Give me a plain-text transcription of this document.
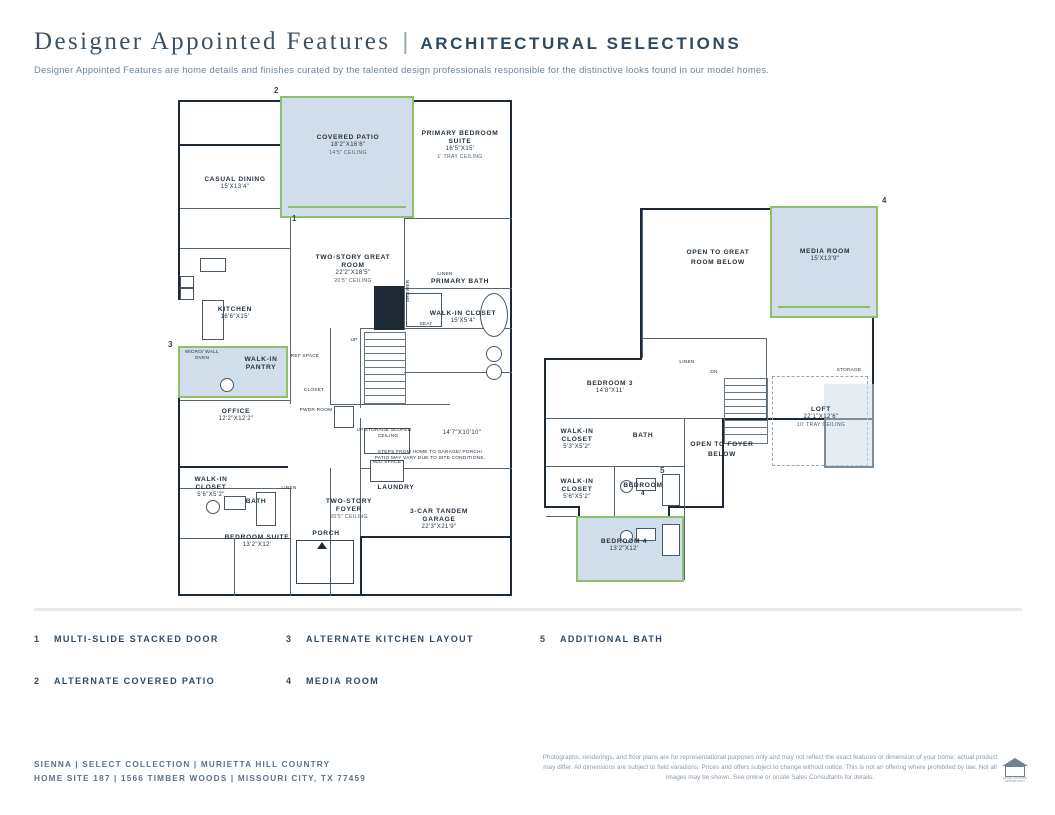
Designer Appointed Features | ARCHITECTURAL SELECTIONS
Designer Appointed Features are home details and finishes curated by the talented design professionals responsible for the distinctive looks found in our model homes.
COVERED PATIO
18'2"X16'6"
14'5" CEILING
PRIMARY BEDROOM SUITE
16'5"X15'
1' TRAY CEILING
CASUAL DINING
15'X13'4"
TWO-STORY GREAT ROOM
22'2"X18'5"
20'5" CEILING	PRIMARY BATH
KITCHEN
16'6"X15'
WALK-IN CLOSET
15'X5'4"
WALK-IN PANTRY
MICRO/ WALL OVEN	REF SPACE
CLOSET
STORAGE SLOPED CEILING
OFFICE
12'2"X12'2"
PWDR ROOM
W/D SPACE
LAUNDRY
14'7"X10'10"
TWO-STORY FOYER
20'5" CEILING
WALK-IN CLOSET
5'6"X5'2"
BATH
LINEN
BEDROOM SUITE
13'2"X12'
PORCH
3-CAR TANDEM GARAGE
22'3"X21'9"
STEPS FROM HOME TO GARAGE/ PORCH/ PATIO MAY VARY DUE TO SITE CONDITIONS.
UP
UP
SEAT
SHOWER
LINEN
2
1
3
MEDIA ROOM
15'X13'9"
OPEN TO GREAT ROOM BELOW
STORAGE
LOFT
22'1"X12'6"
10' TRAY CEILING
BEDROOM 3
14'8"X11'
LINEN
DN
WALK-IN CLOSET
5'3"X5'2"
BATH
OPEN TO FOYER BELOW
WALK-IN CLOSET
5'6"X5'2"
BEDROOM 4
BEDROOM 4
13'2"X12'
4
5
1	MULTI-SLIDE STACKED DOOR
2	ALTERNATE COVERED PATIO
3	ALTERNATE KITCHEN LAYOUT
4	MEDIA ROOM
5	ADDITIONAL BATH
SIENNA | SELECT COLLECTION | MURIETTA HILL COUNTRY
HOME SITE 187 | 1566 TIMBER WOODS | MISSOURI CITY, TX 77459
Photographs, renderings, and floor plans are for representational purposes only and may not reflect the exact features or dimension of your home; actual product may differ. All dimensions are subject to field variations. Prices and offers subject to change without notice. This is not an offering where prohibited by law. Not all images may be shown. See online or onsite Sales Consultants for details.	EQUAL HOUSING OPPORTUNITY
